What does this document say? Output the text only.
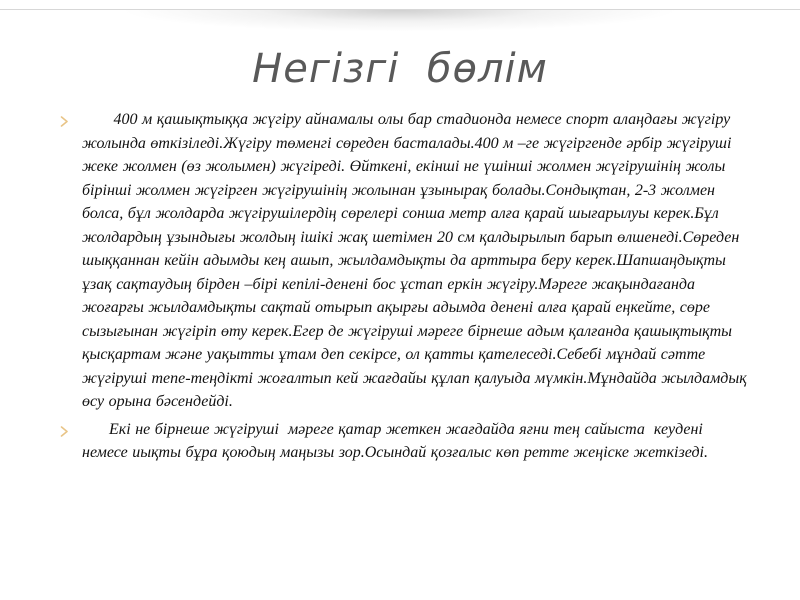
Негізгі  бөлім
400 м қашықтыққа жүгіру айнамалы олы бар стадионда немесе спорт алаңдағы жүгіру жолында өткізіледі.Жүгіру төменгі сөреден басталады.400 м –ге жүгіргенде әрбір жүгіруші жеке жолмен (өз жолымен) жүгіреді. Өйткені, екінші не үшінші жолмен жүгірушінің жолы бірінші жолмен жүгірген жүгірушінің жолынан ұзынырақ болады.Сондықтан, 2-3 жолмен болса, бұл жолдарда жүгірушілердің сөрелері сонша метр алға қарай шығарылуы керек.Бұл жолдардың ұзындығы жолдың ішікі жақ шетімен 20 см қалдырылып барып өлшенеді.Сөреден шыққаннан кейін адымды кең ашып, жылдамдықты да арттыра беру керек.Шапшаңдықты ұзақ сақтаудың бірден –бірі кепілі-денені бос ұстап еркін жүгіру.Мәреге жақындағанда жоғарғы жылдамдықты сақтай отырып ақырғы адымда денені алға қарай еңкейте, сөре сызығынан жүгіріп өту керек.Егер де жүгіруші мәреге бірнеше адым қалғанда қашықтықты қысқартам және уақытты ұтам деп секірсе, ол қатты қателеседі.Себебі мұндай сәтте жүгіруші тепе-теңдікті жоғалтып кей жағдайы құлап қалуыда мүмкін.Мұндайда жылдамдық өсу орына бәсендейді.
Екі не бірнеше жүгіруші  мәреге қатар жеткен жағдайда яғни тең сайыста  кеудені немесе иықты бұра қоюдың маңызы зор.Осындай қозғалыс көп ретте жеңіске жеткізеді.
